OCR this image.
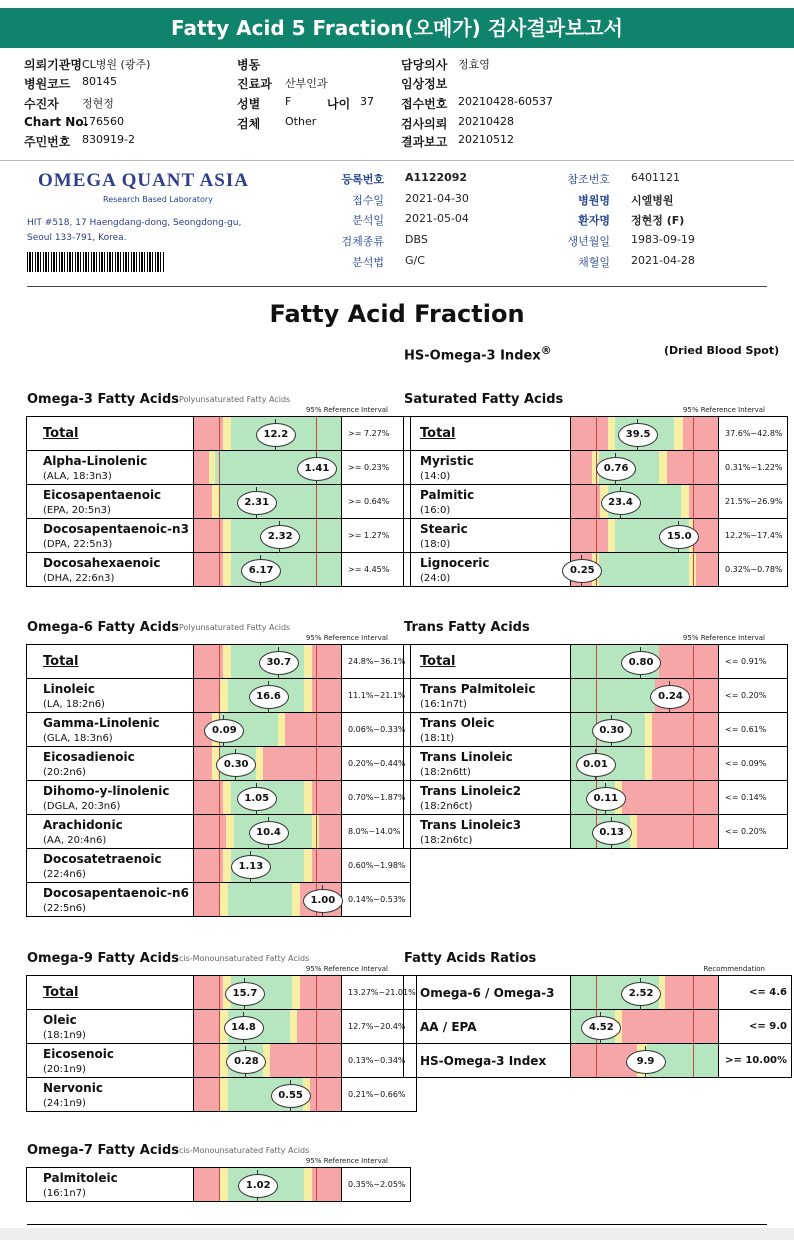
Fatty Acid 5 Fraction(오메가) 검사결과보고서
의뢰기관명 CL병원 (광주)
병원코드 80145
수진자 정현정
Chart No.
176560
주민번호 830919-2
병동
진료과 산부인과
성별 F
검체 Other
담당의사 정효영
임상정보
접수번호 20210428-60537
검사의뢰 20210428
결과보고 20210512
나이 37
OMEGA QUANT ASIA
Research Based Laboratory
HIT #518, 17 Haengdang-dong, Seongdong-gu,
Seoul 133-791, Korea.
등록번호 A1122092
접수일 2021-04-30
분석일 2021-05-04
검체종류 DBS
분석법 G/C
참조번호 6401121
병원명 시엘병원
환자명 정현정 (F)
생년월일 1983-09-19
채혈일 2021-04-28
Fatty Acid Fraction
HS-Omega-3 Index®	(Dried Blood Spot)
Omega-3 Fatty Acids Polyunsaturated Fatty Acids
95% Reference Interval
Total	12.2	>= 7.27%
Alpha-Linolenic
(ALA, 18:3n3)	1.41	>= 0.23%
Eicosapentaenoic
(EPA, 20:5n3)	2.31	>= 0.64%
Docosapentaenoic-n3
(DPA, 22:5n3)	2.32	>= 1.27%
Docosahexaenoic
(DHA, 22:6n3)	6.17	>= 4.45%
Saturated Fatty Acids
95% Reference Interval
Total	39.5	37.6%~42.8%
Myristic
(14:0)	0.76	0.31%~1.22%
Palmitic
(16:0)	23.4	21.5%~26.9%
Stearic
(18:0)	15.0	12.2%~17.4%
Lignoceric
(24:0)	0.25	0.32%~0.78%
Omega-6 Fatty Acids Polyunsaturated Fatty Acids
95% Reference Interval
Total	30.7	24.8%~36.1%
Linoleic
(LA, 18:2n6)	16.6	11.1%~21.1%
Gamma-Linolenic
(GLA, 18:3n6)	0.09	0.06%~0.33%
Eicosadienoic
(20:2n6)	0.30	0.20%~0.44%
Dihomo-y-linolenic
(DGLA, 20:3n6)	1.05	0.70%~1.87%
Arachidonic
(AA, 20:4n6)	10.4	8.0%~14.0%
Docosatetraenoic
(22:4n6)	1.13	0.60%~1.98%
Docosapentaenoic-n6
(22:5n6)	1.00	0.14%~0.53%
Trans Fatty Acids
95% Reference Interval
Total	0.80	<= 0.91%
Trans Palmitoleic
(16:1n7t)	0.24	<= 0.20%
Trans Oleic
(18:1t)	0.30	<= 0.61%
Trans Linoleic
(18:2n6tt)	0.01	<= 0.09%
Trans Linoleic2
(18:2n6ct)	0.11	<= 0.14%
Trans Linoleic3
(18:2n6tc)	0.13	<= 0.20%
Omega-9 Fatty Acids cis-Monounsaturated Fatty Acids
95% Reference Interval
Total	15.7	13.27%~21.01%
Oleic
(18:1n9)	14.8	12.7%~20.4%
Eicosenoic
(20:1n9)	0.28	0.13%~0.34%
Nervonic
(24:1n9)	0.55	0.21%~0.66%
Fatty Acids Ratios
Recommendation
Omega-6 / Omega-3	2.52	<= 4.6
AA / EPA	4.52	<= 9.0
HS-Omega-3 Index	9.9	>= 10.00%
Omega-7 Fatty Acids cis-Monounsaturated Fatty Acids
95% Reference Interval
Palmitoleic
(16:1n7)

1.02	0.35%~2.05%
